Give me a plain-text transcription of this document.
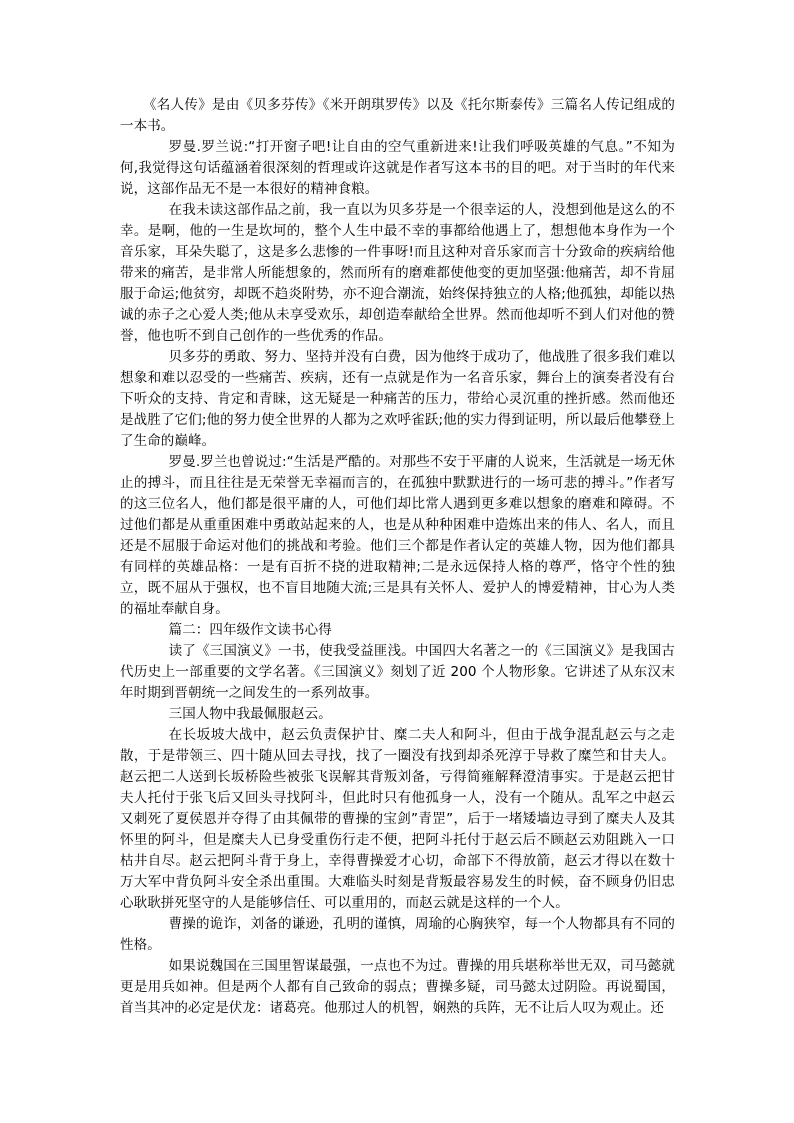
《名人传》是由《贝多芬传》《米开朗琪罗传》以及《托尔斯泰传》三篇名人传记组成的一本书。

罗曼.罗兰说:“打开窗子吧!让自由的空气重新进来!让我们呼吸英雄的气息。”不知为何,我觉得这句话蕴涵着很深刻的哲理或许这就是作者写这本书的目的吧。对于当时的年代来说，这部作品无不是一本很好的精神食粮。

在我未读这部作品之前，我一直以为贝多芬是一个很幸运的人，没想到他是这么的不幸。是啊，他的一生是坎坷的，整个人生中最不幸的事都给他遇上了，想想他本身作为一个音乐家，耳朵失聪了，这是多么悲惨的一件事呀!而且这种对音乐家而言十分致命的疾病给他带来的痛苦，是非常人所能想象的，然而所有的磨难都使他变的更加坚强:他痛苦，却不肯屈服于命运;他贫穷，却既不趋炎附势，亦不迎合潮流，始终保持独立的人格;他孤独，却能以热诚的赤子之心爱人类;他从未享受欢乐，却创造奉献给全世界。然而他却听不到人们对他的赞誉，他也听不到自己创作的一些优秀的作品。

贝多芬的勇敢、努力、坚持并没有白费，因为他终于成功了，他战胜了很多我们难以想象和难以忍受的一些痛苦、疾病，还有一点就是作为一名音乐家，舞台上的演奏者没有台下听众的支持、肯定和青睐，这无疑是一种痛苦的压力，带给心灵沉重的挫折感。然而他还是战胜了它们;他的努力使全世界的人都为之欢呼雀跃;他的实力得到证明，所以最后他攀登上了生命的巅峰。

罗曼.罗兰也曾说过:“生活是严酷的。对那些不安于平庸的人说来，生活就是一场无休止的搏斗，而且往往是无荣誉无幸福而言的，在孤独中默默进行的一场可悲的搏斗。”作者写的这三位名人，他们都是很平庸的人，可他们却比常人遇到更多难以想象的磨难和障碍。不过他们都是从重重困难中勇敢站起来的人，也是从种种困难中造炼出来的伟人、名人，而且还是不屈服于命运对他们的挑战和考验。他们三个都是作者认定的英雄人物，因为他们都具有同样的英雄品格：一是有百折不挠的进取精神;二是永远保持人格的尊严，恪守个性的独立，既不屈从于强权，也不盲目地随大流;三是具有关怀人、爱护人的博爱精神，甘心为人类的福址奉献自身。

篇二：四年级作文读书心得

读了《三国演义》一书，使我受益匪浅。中国四大名著之一的《三国演义》是我国古代历史上一部重要的文学名著。《三国演义》刻划了近 200 个人物形象。它讲述了从东汉末年时期到晋朝统一之间发生的一系列故事。

三国人物中我最佩服赵云。

在长坂坡大战中，赵云负责保护甘、糜二夫人和阿斗，但由于战争混乱赵云与之走散，于是带领三、四十随从回去寻找，找了一圈没有找到却杀死淳于导救了糜竺和甘夫人。赵云把二人送到长坂桥险些被张飞误解其背叛刘备，亏得简雍解释澄清事实。于是赵云把甘夫人托付于张飞后又回头寻找阿斗，但此时只有他孤身一人，没有一个随从。乱军之中赵云又刺死了夏侯恩并夺得了由其佩带的曹操的宝剑”青罡”，后于一堵矮墙边寻到了糜夫人及其怀里的阿斗，但是糜夫人已身受重伤行走不便，把阿斗托付于赵云后不顾赵云劝阻跳入一口枯井自尽。赵云把阿斗背于身上，幸得曹操爱才心切，命部下不得放箭，赵云才得以在数十万大军中背负阿斗安全杀出重围。大难临头时刻是背叛最容易发生的时候，奋不顾身仍旧忠心耿耿拼死坚守的人是能够信任、可以重用的，而赵云就是这样的一个人。

曹操的诡诈，刘备的谦逊，孔明的谨慎，周瑜的心胸狭窄，每一个人物都具有不同的性格。

如果说魏国在三国里智谋最强，一点也不为过。曹操的用兵堪称举世无双，司马懿就更是用兵如神。但是两个人都有自己致命的弱点；曹操多疑，司马懿太过阴险。再说蜀国，首当其冲的必定是伏龙：诸葛亮。他那过人的机智，娴熟的兵阵，无不让后人叹为观止。还
